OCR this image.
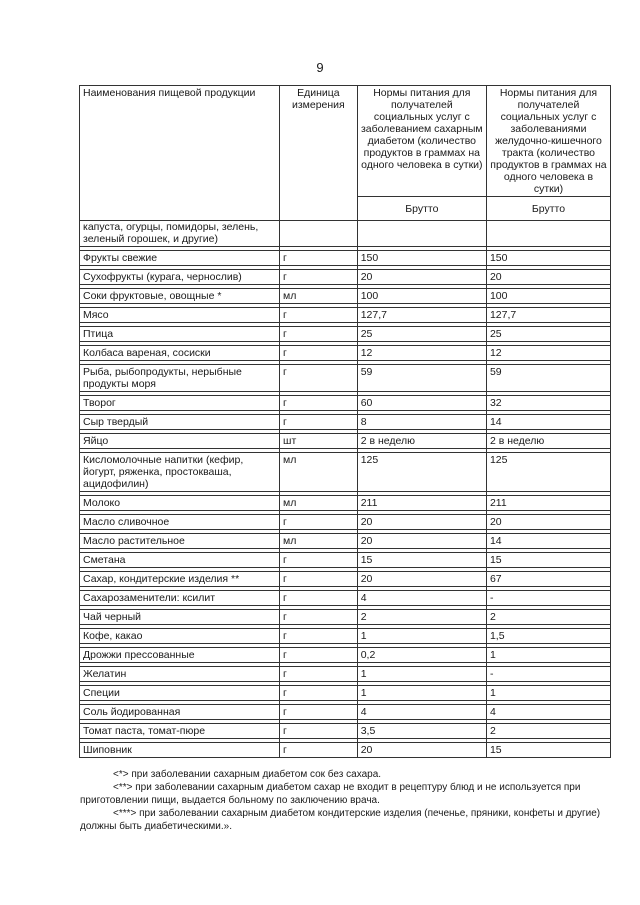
9
Наименования пищевой продукции	Единица измерения	Нормы питания для получателей социальных услуг с заболеванием сахарным диабетом (количество продуктов в граммах на одного человека в сутки)	Нормы питания для получателей социальных услуг с заболеваниями желудочно-кишечного тракта (количество продуктов в граммах на одного человека в сутки)
		Брутто	Брутто
капуста, огурцы, помидоры, зелень, зеленый горошек, и другие)			

Фрукты свежие	г	150	150

Сухофрукты (курага, чернослив)	г	20	20

Соки фруктовые, овощные *	мл	100	100

Мясо	г	127,7	127,7

Птица	г	25	25

Колбаса вареная, сосиски	г	12	12

Рыба, рыбопродукты, нерыбные продукты моря	г	59	59

Творог	г	60	32

Сыр твердый	г	8	14

Яйцо	шт	2 в неделю	2 в неделю

Кисломолочные напитки (кефир, йогурт, ряженка, простокваша, ацидофилин)	мл	125	125

Молоко	мл	211	211

Масло сливочное	г	20	20

Масло растительное	мл	20	14

Сметана	г	15	15

Сахар, кондитерские изделия **	г	20	67

Сахарозаменители: ксилит	г	4	-

Чай черный	г	2	2

Кофе, какао	г	1	1,5

Дрожжи прессованные	г	0,2	1

Желатин	г	1	-

Специи	г	1	1

Соль йодированная	г	4	4

Томат паста, томат-пюре	г	3,5	2

Шиповник	г	20	15

<*> при заболевании сахарным диабетом сок без сахара.

<**> при заболевании сахарным диабетом сахар не входит в рецептуру блюд и не используется при приготовлении пищи, выдается больному по заключению врача.

<***> при заболевании сахарным диабетом кондитерские изделия (печенье, пряники, конфеты и другие) должны быть диабетическими.».
